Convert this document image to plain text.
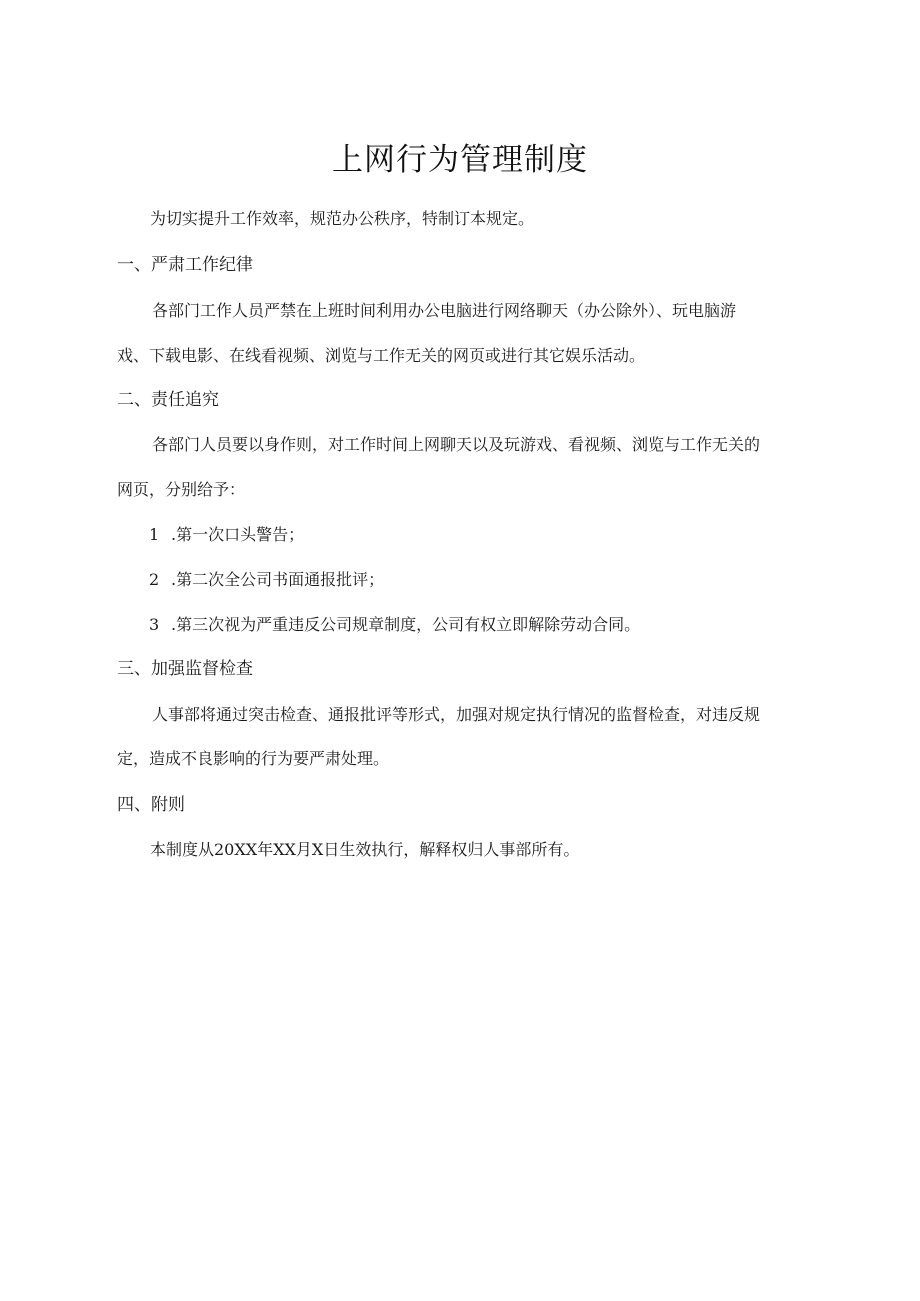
上网行为管理制度
为切实提升工作效率，规范办公秩序，特制订本规定。
一、严肃工作纪律
各部门工作人员严禁在上班时间利用办公电脑进行网络聊天（办公除外）、玩电脑游
戏、下载电影、在线看视频、浏览与工作无关的网页或进行其它娱乐活动。
二、责任追究
各部门人员要以身作则，对工作时间上网聊天以及玩游戏、看视频、浏览与工作无关的
网页，分别给予：
1 .第一次口头警告；
2 .第二次全公司书面通报批评；
3 .第三次视为严重违反公司规章制度，公司有权立即解除劳动合同。
三、加强监督检查
人事部将通过突击检查、通报批评等形式，加强对规定执行情况的监督检查，对违反规
定，造成不良影响的行为要严肃处理。
四、附则
本制度从20XX年XX月X日生效执行，解释权归人事部所有。
